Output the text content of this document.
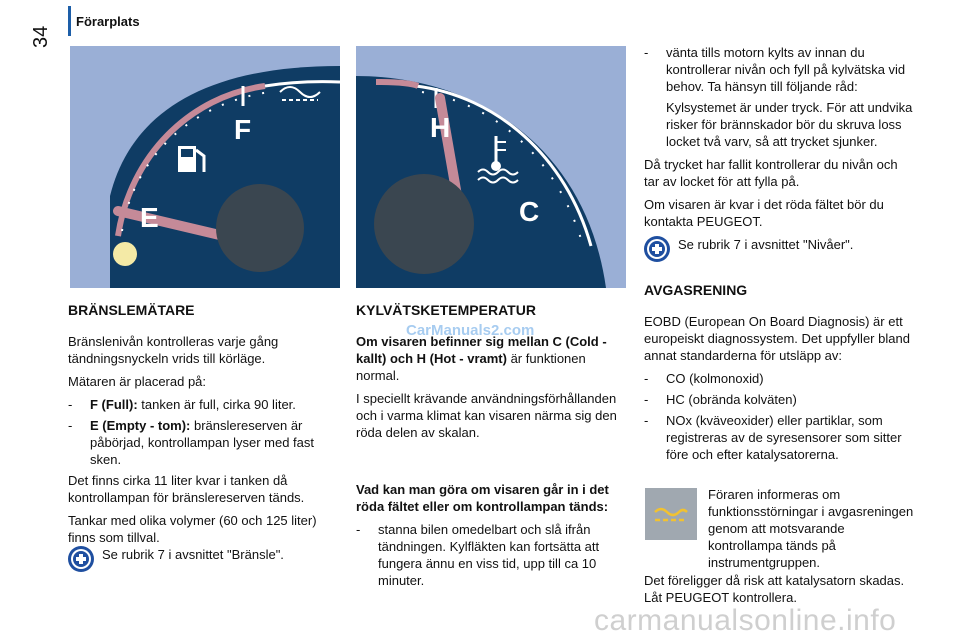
34
Förarplats
F
E
H
C

BRÄNSLEMÄTARE

Bränslenivån kontrolleras varje gång tändningsnyckeln vrids till körläge.

Mätaren är placerad på:

-	F (Full): tanken är full, cirka 90 liter.
-	E (Empty - tom): bränslereserven är påbörjad, kontrollampan lyser med fast sken.

Det finns cirka 11 liter kvar i tanken då kontrollampan för bränslereserven tänds.

Tankar med olika volymer (60 och 125 liter) finns som tillval.

Se rubrik 7 i avsnittet "Bränsle".

KYLVÄTSKETEMPERATUR

Om visaren befinner sig mellan C (Cold - kallt) och H (Hot - vramt) är funktionen normal.

I speciellt krävande användningsförhållanden och i varma klimat kan visaren närma sig den röda delen av skalan.

Vad kan man göra om visaren går in i det röda fältet eller om kontrollampan tänds:

-	stanna bilen omedelbart och slå ifrån tändningen. Kylfläkten kan fortsätta att fungera ännu en viss tid, upp till ca 10 minuter.
CarManuals2.com
-	vänta tills motorn kylts av innan du kontrollerar nivån och fyll på kylvätska vid behov. Ta hänsyn till följande råd:

Kylsystemet är under tryck. För att undvika risker för brännskador bör du skruva loss locket två varv, så att trycket sjunker.

Då trycket har fallit kontrollerar du nivån och tar av locket för att fylla på.

Om visaren är kvar i det röda fältet bör du kontakta PEUGEOT.

Se rubrik 7 i avsnittet "Nivåer".

AVGASRENING

EOBD (European On Board Diagnosis) är ett europeiskt diagnossystem. Det uppfyller bland annat standarderna för utsläpp av:

-	CO (kolmonoxid)
-	HC (obrända kolväten)
-	NOx (kväveoxider) eller partiklar, som registreras av de syresensorer som sitter före och efter katalysatorerna.
Föraren informeras om funktionsstörningar i avgasreningen genom att motsvarande kontrollampa tänds på instrumentgruppen.
Det föreligger då risk att katalysatorn skadas. Låt PEUGEOT kontrollera.
carmanualsonline.info
